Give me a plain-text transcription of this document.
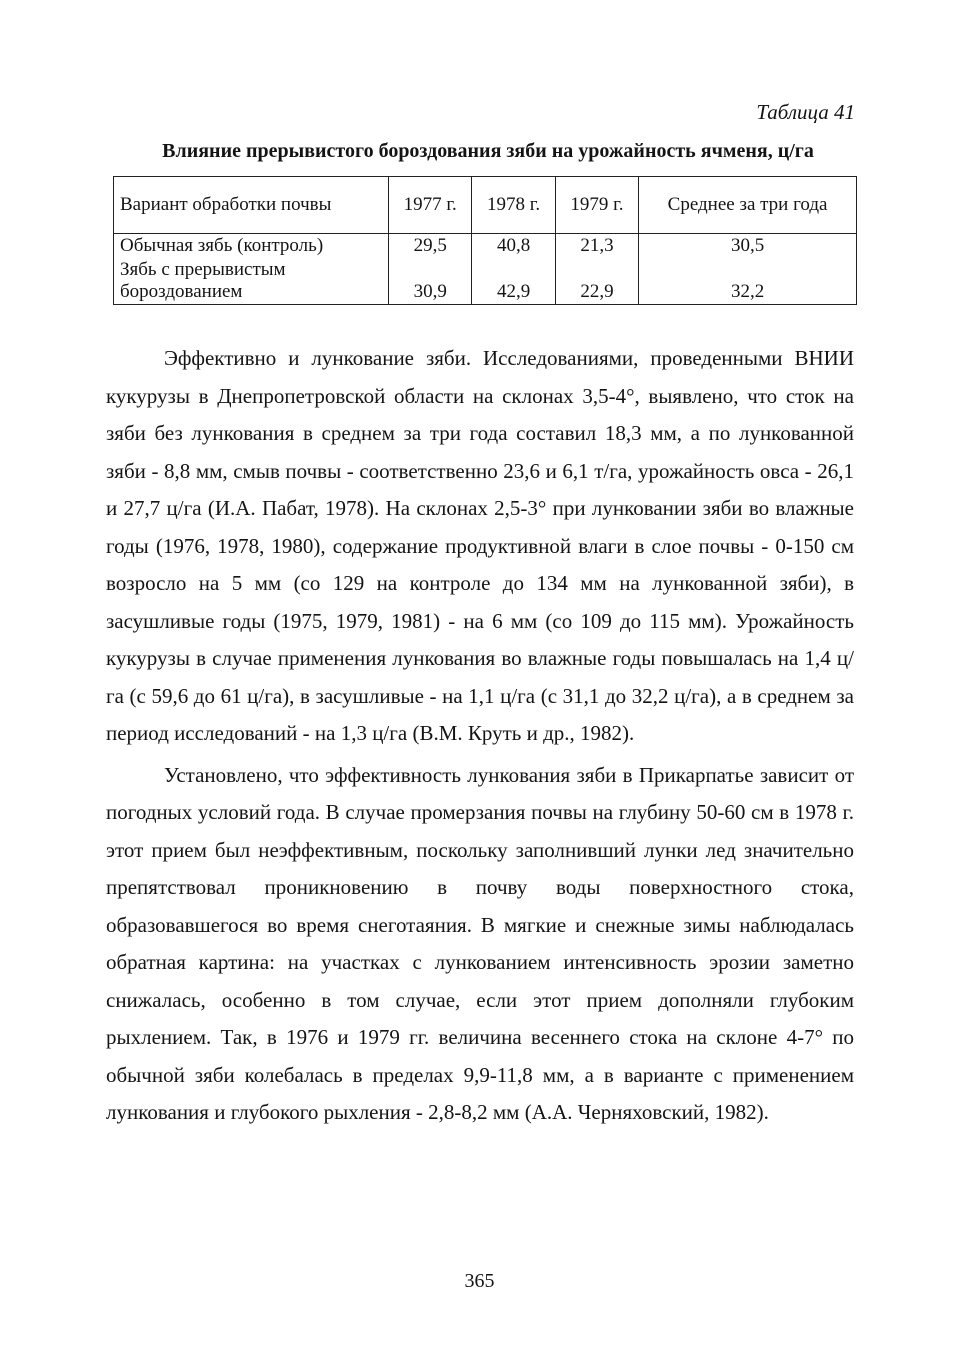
Таблица 41
Влияние прерывистого бороздования зяби на урожайность ячменя, ц/га
Вариант обработки почвы	1977 г.	1978 г.	1979 г.	Среднее за три года
Обычная зябь (контроль)	29,5	40,8	21,3	30,5
Зябь с прерывистым бороздованием	30,9	42,9	22,9	32,2

Эффективно и лункование зяби. Исследованиями, проведенными ВНИИ кукурузы в Днепропетровской области на склонах 3,5-4°, выявлено, что сток на зяби без лункования в среднем за три года составил 18,3 мм, а по лункованной зяби - 8,8 мм, смыв почвы - соответственно 23,6 и 6,1 т/га, урожайность овса - 26,1 и 27,7 ц/га (И.А. Пабат, 1978). На склонах 2,5-3° при лунковании зяби во влажные годы (1976, 1978, 1980), содержание продуктивной влаги в слое почвы - 0-150 см возросло на 5 мм (со 129 на контроле до 134 мм на лункованной зяби), в засушливые годы (1975, 1979, 1981) - на 6 мм (со 109 до 115 мм). Урожайность кукурузы в случае применения лункования во влажные годы повышалась на 1,4 ц/га (с 59,6 до 61 ц/га), в засушливые - на 1,1 ц/га (с 31,1 до 32,2 ц/га), а в среднем за период исследований - на 1,3 ц/га (В.М. Круть и др., 1982).

Установлено, что эффективность лункования зяби в Прикарпатье зависит от погодных условий года. В случае промерзания почвы на глубину 50-60 см в 1978 г. этот прием был неэффективным, поскольку заполнивший лунки лед значительно препятствовал проникновению в почву воды поверхностного стока, образовавшегося во время снеготаяния. В мягкие и снежные зимы наблюдалась обратная картина: на участках с лункованием интенсивность эрозии заметно снижалась, особенно в том случае, если этот прием дополняли глубоким рыхлением. Так, в 1976 и 1979 гг. величина весеннего стока на склоне 4-7° по обычной зяби колебалась в пределах 9,9-11,8 мм, а в варианте с применением лункования и глубокого рыхления - 2,8-8,2 мм (А.А. Черняховский, 1982).

365
